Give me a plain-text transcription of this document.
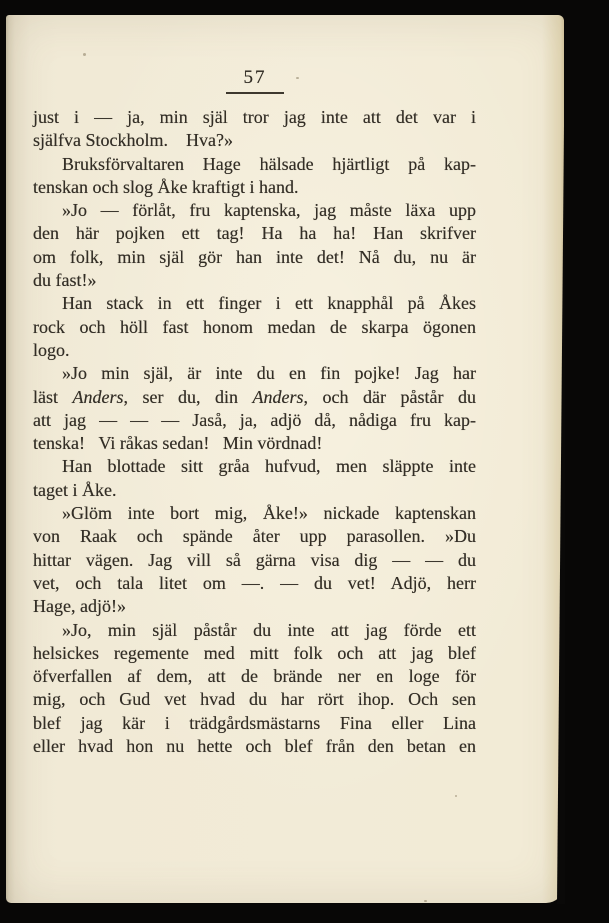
57
just i — ja, min själ tror jag inte att det var i
själfva Stockholm. Hva?»
Bruksförvaltaren Hage hälsade hjärtligt på kap-
tenskan och slog Åke kraftigt i hand.
»Jo — förlåt, fru kaptenska, jag måste läxa upp
den här pojken ett tag! Ha ha ha! Han skrifver
om folk, min själ gör han inte det! Nå du, nu är
du fast!»
Han stack in ett finger i ett knapphål på Åkes
rock och höll fast honom medan de skarpa ögonen
logo.
»Jo min själ, är inte du en fin pojke! Jag har
läst Anders, ser du, din Anders, och där påstår du
att jag — — — Jaså, ja, adjö då, nådiga fru kap-
tenska!  Vi råkas sedan!  Min vördnad!
Han blottade sitt gråa hufvud, men släppte inte
taget i Åke.
»Glöm inte bort mig, Åke!» nickade kaptenskan
von Raak och spände åter upp parasollen. »Du
hittar vägen. Jag vill så gärna visa dig — — du
vet, och tala litet om —. — du vet! Adjö, herr
Hage, adjö!»
»Jo, min själ påstår du inte att jag förde ett
helsickes regemente med mitt folk och att jag blef
öfverfallen af dem, att de brände ner en loge för
mig, och Gud vet hvad du har rört ihop. Och sen
blef jag kär i trädgårdsmästarns Fina eller Lina
eller hvad hon nu hette och blef från den betan en
